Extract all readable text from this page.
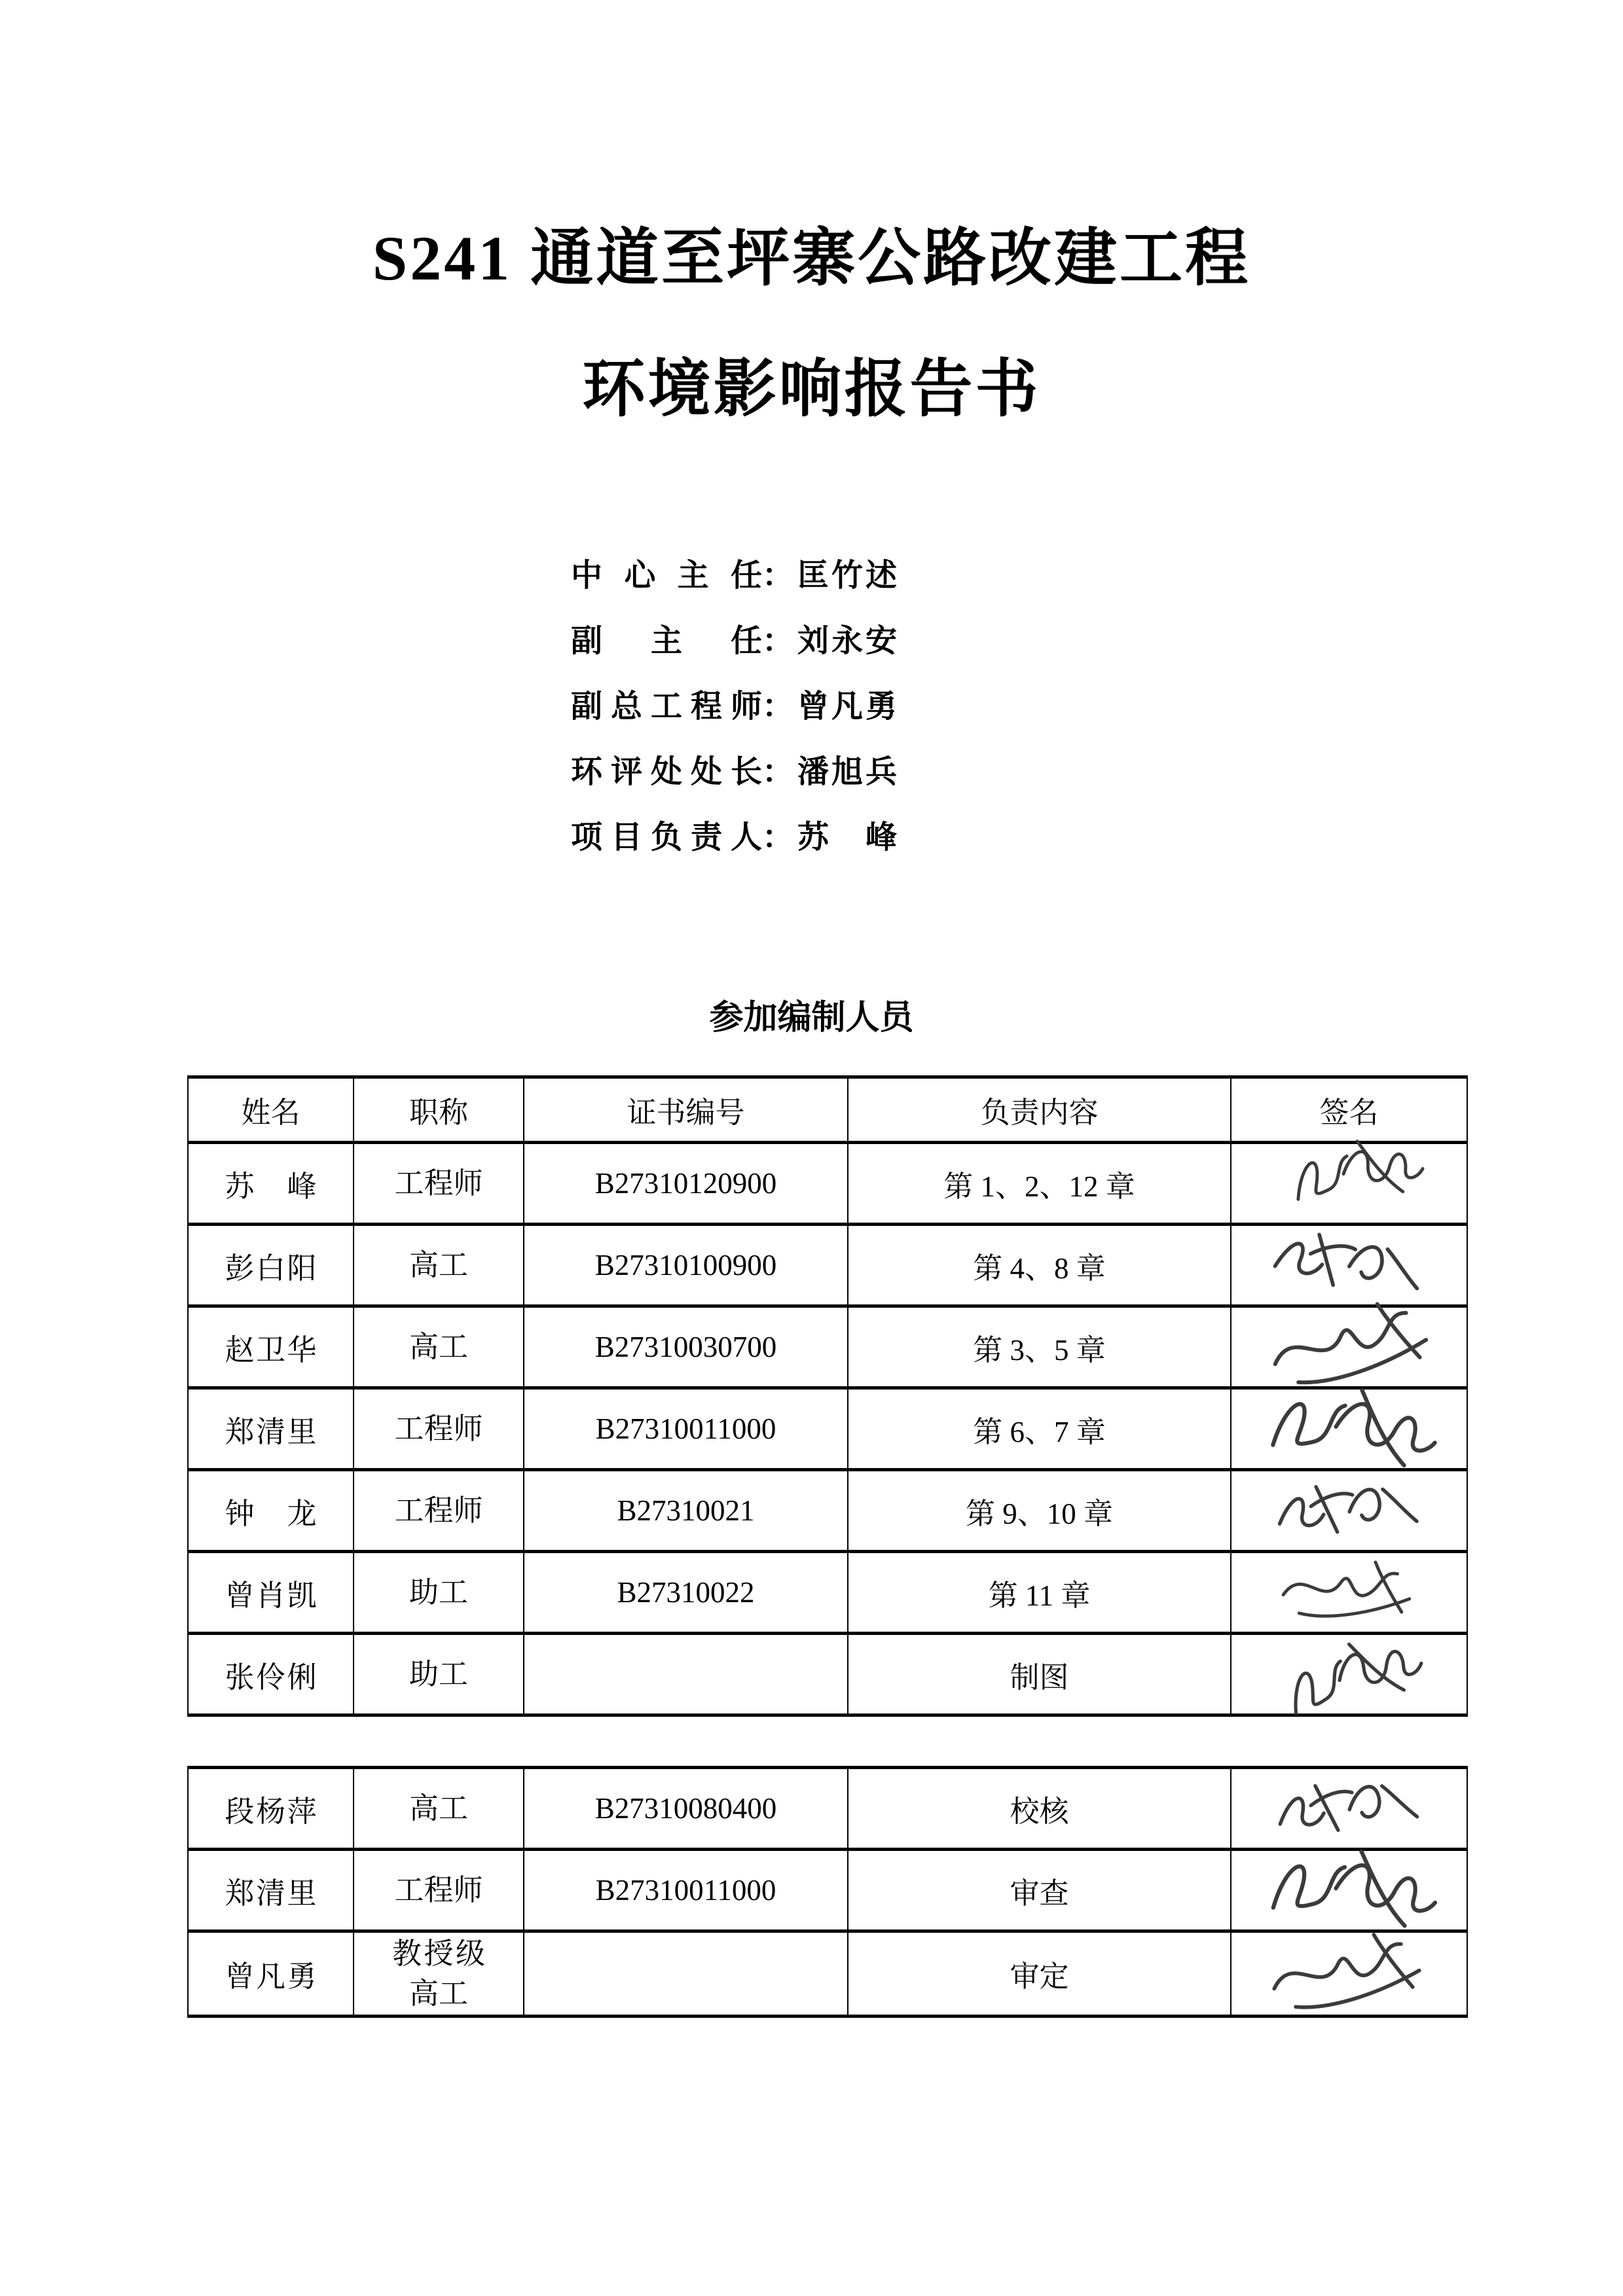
S241 通道至坪寨公路改建工程
环境影响报告书
中心主任： 匡竹述
副主任： 刘永安
副总工程师： 曾凡勇
环评处处长： 潘旭兵
项目负责人： 苏峰
参加编制人员
姓名	职称	证书编号	负责内容	签名
苏峰	工程师	B27310120900	第 1、2、12 章	

彭白阳	高工	B27310100900	第 4、8 章	

赵卫华	高工	B27310030700	第 3、5 章	

郑清里	工程师	B27310011000	第 6、7 章	

钟龙	工程师	B27310021	第 9、10 章	

曾肖凯	助工	B27310022	第 11 章	

张伶俐	助工		制图	
段杨萍	高工	B27310080400	校核	

郑清里	工程师	B27310011000	审查	

曾凡勇	教授级高工		审定	
